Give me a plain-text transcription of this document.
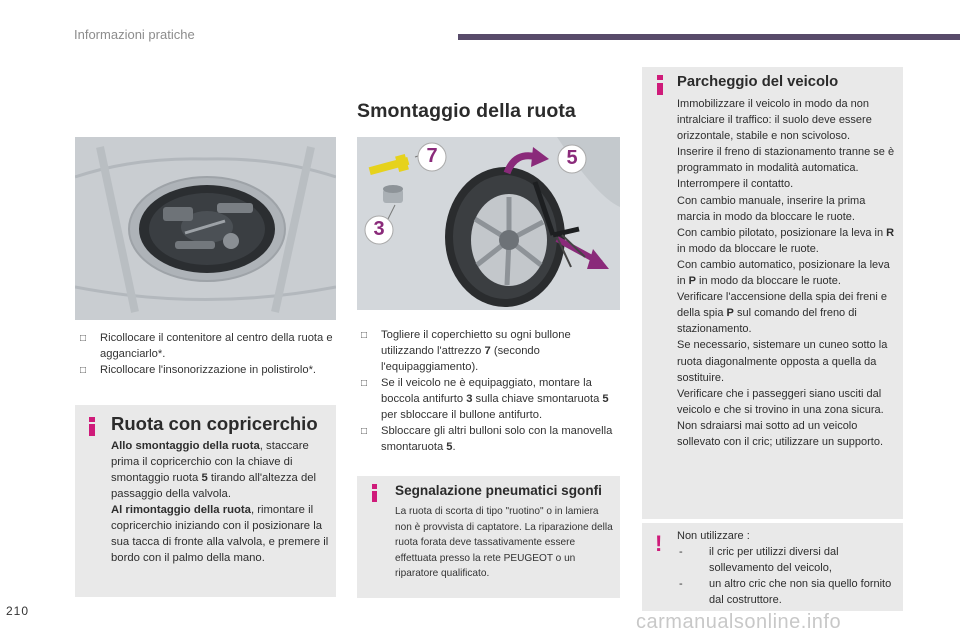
Informazioni pratiche
□ Ricollocare il contenitore al centro della ruota e agganciarlo*.
□ Ricollocare l'insonorizzazione in polistirolo*.
Ruota con copricerchio

Allo smontaggio della ruota, staccare prima il copricerchio con la chiave di smontaggio ruota 5 tirando all'altezza del passaggio della valvola.

Al rimontaggio della ruota, rimontare il copricerchio iniziando con il posizionare la sua tacca di fronte alla valvola, e premere il bordo con il palmo della mano.

Smontaggio della ruota
7	5
3
□ Togliere il coperchietto su ogni bullone utilizzando l'attrezzo 7 (secondo l'equipaggiamento).
□ Se il veicolo ne è equipaggiato, montare la boccola antifurto 3 sulla chiave smontaruota 5 per sbloccare il bullone antifurto.
□ Sbloccare gli altri bulloni solo con la manovella smontaruota 5.
Segnalazione pneumatici sgonfi
La ruota di scorta di tipo "ruotino" o in lamiera non è provvista di captatore. La riparazione della ruota forata deve tassativamente essere effettuata presso la rete PEUGEOT o un riparatore qualificato.
Parcheggio del veicolo

Immobilizzare il veicolo in modo da non intralciare il traffico: il suolo deve essere orizzontale, stabile e non scivoloso.

Inserire il freno di stazionamento tranne se è programmato in modalità automatica.

Interrompere il contatto.

Con cambio manuale, inserire la prima marcia in modo da bloccare le ruote.

Con cambio pilotato, posizionare la leva in R in modo da bloccare le ruote.

Con cambio automatico, posizionare la leva in P in modo da bloccare le ruote.

Verificare l'accensione della spia dei freni e della spia P sul comando del freno di stazionamento.

Se necessario, sistemare un cuneo sotto la ruota diagonalmente opposta a quella da sostituire.

Verificare che i passeggeri siano usciti dal veicolo e che si trovino in una zona sicura.

Non sdraiarsi mai sotto ad un veicolo sollevato con il cric; utilizzare un supporto.

! Non utilizzare :

- il cric per utilizzi diversi dal sollevamento del veicolo,
- un altro cric che non sia quello fornito dal costruttore.
210	carmanualsonline.info
